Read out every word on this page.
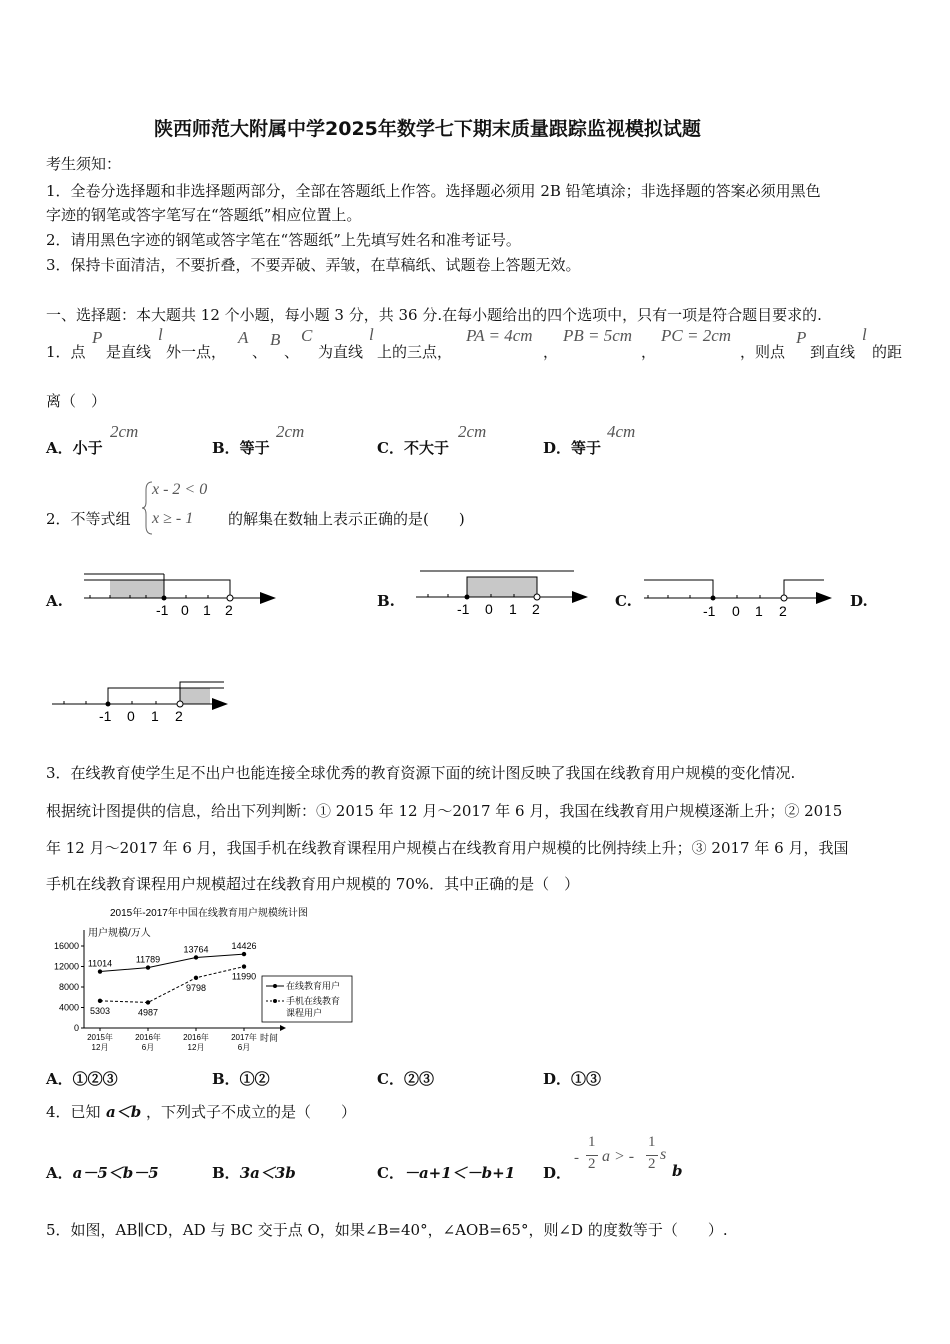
陕西师范大附属中学2025年数学七下期末质量跟踪监视模拟试题
考生须知：
1．全卷分选择题和非选择题两部分，全部在答题纸上作答。选择题必须用 2B 铅笔填涂；非选择题的答案必须用黑色
字迹的钢笔或答字笔写在“答题纸”相应位置上。
2．请用黑色字迹的钢笔或答字笔在“答题纸”上先填写姓名和准考证号。
3．保持卡面清洁，不要折叠，不要弄破、弄皱，在草稿纸、试题卷上答题无效。
一、选择题：本大题共 12 个小题，每小题 3 分，共 36 分.在每小题给出的四个选项中，只有一项是符合题目要求的.
1．点
P
是直线
l
外一点，
A
、
B
、
C
为直线
l
上的三点，
PA = 4cm
，
PB = 5cm
，
PC = 2cm
，则点
P
到直线
l
的距
离（　）
A．小于
2cm
B．等于
2cm
C．不大于
2cm
D．等于
4cm
2．不等式组
x - 2 < 0
x ≥ - 1 的解集在数轴上表示正确的是(　　)
A.	B.	C.	D.
-1 0 1 2	-1 0 1 2	-1 0 1 2
-1 0 1 2
3．在线教育使学生足不出户也能连接全球优秀的教育资源下面的统计图反映了我国在线教育用户规模的变化情况.
根据统计图提供的信息，给出下列判断：① 2015 年 12 月～2017 年 6 月，我国在线教育用户规模逐渐上升；② 2015
年 12 月～2017 年 6 月，我国手机在线教育课程用户规模占在线教育用户规模的比例持续上升；③ 2017 年 6 月，我国
手机在线教育课程用户规模超过在线教育用户规模的 70%．其中正确的是（　）
2015年-2017年中国在线教育用户规模统计图
用户规模/万人
时间
0
4000
8000
12000
16000
2015年
12月
2016年
6月
2016年
12月
2017年
6月
11014	11789
13764	14426
5303	4987
9798
11990
在线教育用户
手机在线教育
课程用户
A．①②③	B．①②	C．②③	D．①③
4．已知 a＜b ，下列式子不成立的是（　　）
A．a－5＜b－5	B．3a＜3b	C．－a+1＜－b+1 D．
-
1
2 a > -
1
2
s
b
5．如图，AB∥CD，AD 与 BC 交于点 O，如果∠B=40°，∠AOB=65°，则∠D 的度数等于（　　）.
